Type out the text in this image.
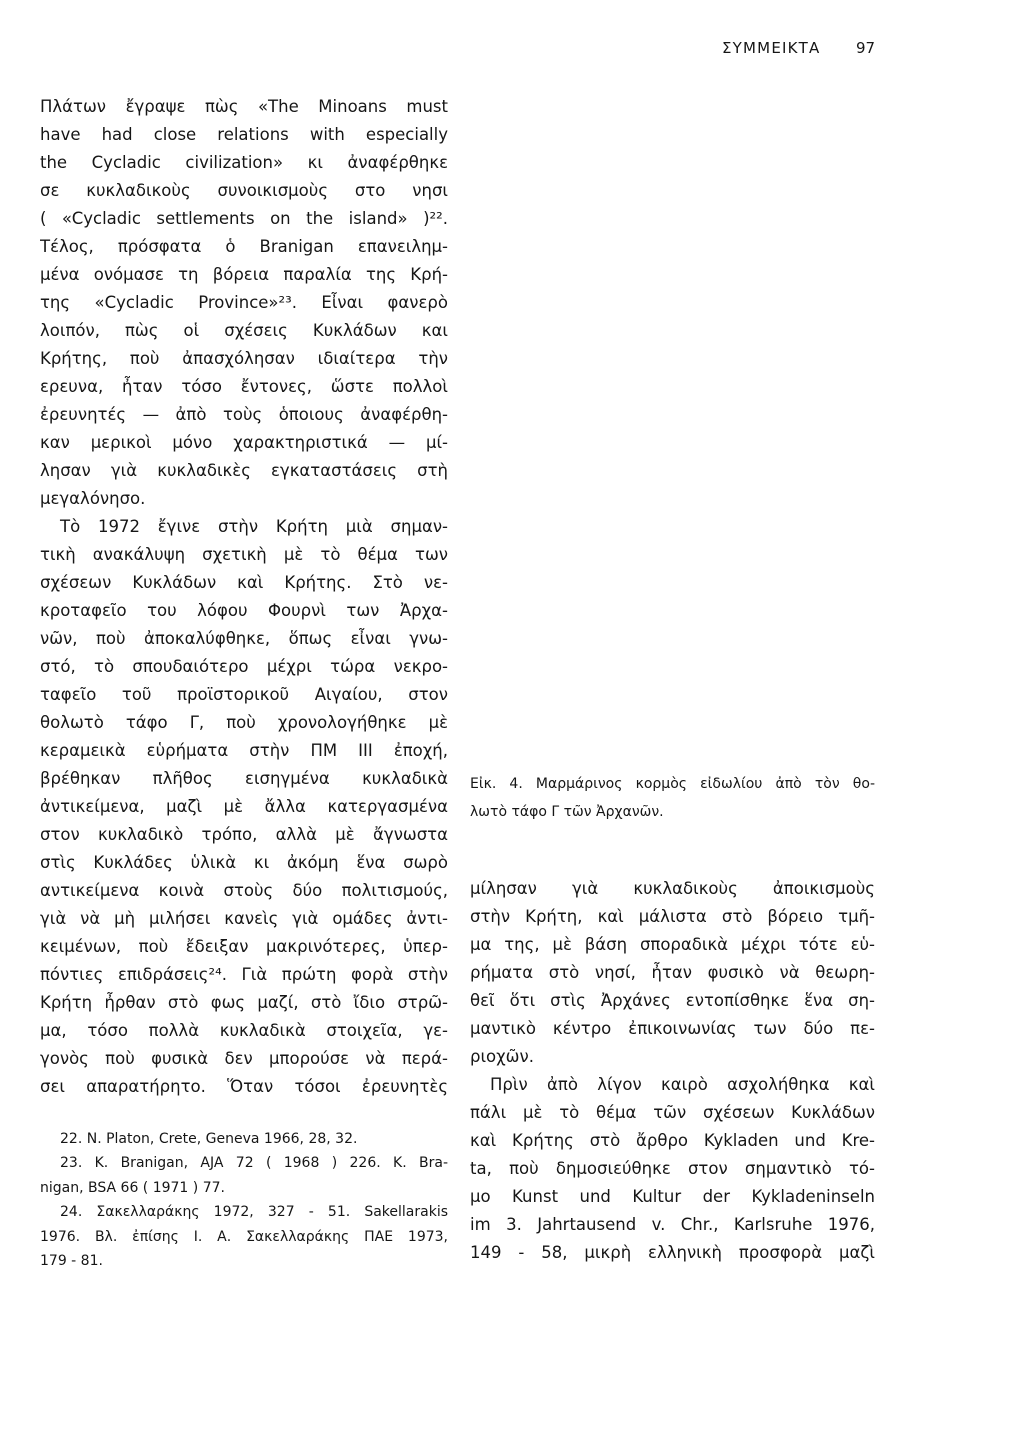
ΣΥΜΜΕΙΚΤΑ 97
Πλάτων ἔγραψε πὼς «The Minoans must
have had close relations with especially
the Cycladic civilization» κι ἀναφέρθηκε
σε κυκλαδικοὺς συνοικισμοὺς στο νησι
( «Cycladic settlements on the island» )²².
Τέλος, πρόσφατα ὁ Branigan επανειλημ-
μένα ονόμασε τη βόρεια παραλία της Κρή-
της «Cycladic Province»²³. Εἶναι φανερὸ
λοιπόν, πὼς οἱ σχέσεις Κυκλάδων και
Κρήτης, ποὺ ἀπασχόλησαν ιδιαίτερα τὴν
ερευνα, ἦταν τόσο ἔντονες, ὥστε πολλοὶ
ἐρευνητές — ἀπὸ τοὺς ὁποιους ἀναφέρθη-
καν μερικοὶ μόνο χαρακτηριστικά — μί-
λησαν γιὰ κυκλαδικὲς εγκαταστάσεις στὴ
μεγαλόνησο.
Τὸ 1972 ἔγινε στὴν Κρήτη μιὰ σημαν-
τικὴ ανακάλυψη σχετικὴ μὲ τὸ θέμα των
σχέσεων Κυκλάδων καὶ Κρήτης. Στὸ νε-
κροταφεῖο του λόφου Φουρνὶ των Ἀρχα-
νῶν, ποὺ ἀποκαλύφθηκε, ὅπως εἶναι γνω-
στό, τὸ σπουδαιότερο μέχρι τώρα νεκρο-
ταφεῖο τοῦ προϊστορικοῦ Αιγαίου, στον
θολωτὸ τάφο Γ, ποὺ χρονολογήθηκε μὲ
κεραμεικὰ εὑρήματα στὴν ΠΜ ΙΙΙ ἐποχή,
βρέθηκαν πλῆθος εισηγμένα κυκλαδικὰ
ἀντικείμενα, μαζὶ μὲ ἄλλα κατεργασμένα
στον κυκλαδικὸ τρόπο, αλλὰ μὲ ἄγνωστα
στὶς Κυκλάδες ὑλικὰ κι ἀκόμη ἕνα σωρὸ
αντικείμενα κοινὰ στοὺς δύο πολιτισμούς,
γιὰ νὰ μὴ μιλήσει κανεὶς γιὰ ομάδες ἀντι-
κειμένων, ποὺ ἔδειξαν μακρινότερες, ὑπερ-
πόντιες επιδράσεις²⁴. Γιὰ πρώτη φορὰ στὴν
Κρήτη ἦρθαν στὸ φως μαζί, στὸ ἴδιο στρῶ-
μα, τόσο πολλὰ κυκλαδικὰ στοιχεῖα, γε-
γονὸς ποὺ φυσικὰ δεν μπορούσε νὰ περά-
σει απαρατήρητο. Ὅταν τόσοι ἐρευνητὲς
22. N. Platon, Crete, Geneva 1966, 28, 32.
23. K. Branigan, AJA 72 ( 1968 ) 226. K. Bra-
nigan, BSA 66 ( 1971 ) 77.
24. Σακελλαράκης 1972, 327 - 51. Sakellarakis
1976. Βλ. ἐπίσης Ι. Α. Σακελλαράκης ΠΑΕ 1973,
179 - 81.
Εἰκ. 4. Μαρμάρινος κορμὸς εἰδωλίου ἀπὸ τὸν θο-
λωτὸ τάφο Γ τῶν Ἀρχανῶν.
μίλησαν γιὰ κυκλαδικοὺς ἀποικισμοὺς
στὴν Κρήτη, καὶ μάλιστα στὸ βόρειο τμῆ-
μα της, μὲ βάση σποραδικὰ μέχρι τότε εὑ-
ρήματα στὸ νησί, ἦταν φυσικὸ νὰ θεωρη-
θεῖ ὅτι στὶς Ἀρχάνες εντοπίσθηκε ἕνα ση-
μαντικὸ κέντρο ἐπικοινωνίας των δύο πε-
ριοχῶν.
Πρὶν ἀπὸ λίγον καιρὸ ασχολήθηκα καὶ
πάλι μὲ τὸ θέμα τῶν σχέσεων Κυκλάδων
καὶ Κρήτης στὸ ἄρθρο Kykladen und Kre-
ta, ποὺ δημοσιεύθηκε στον σημαντικὸ τό-
μο Kunst und Kultur der Kykladeninseln
im 3. Jahrtausend v. Chr., Karlsruhe 1976,
149 - 58, μικρὴ ελληνικὴ προσφορὰ μαζὶ
